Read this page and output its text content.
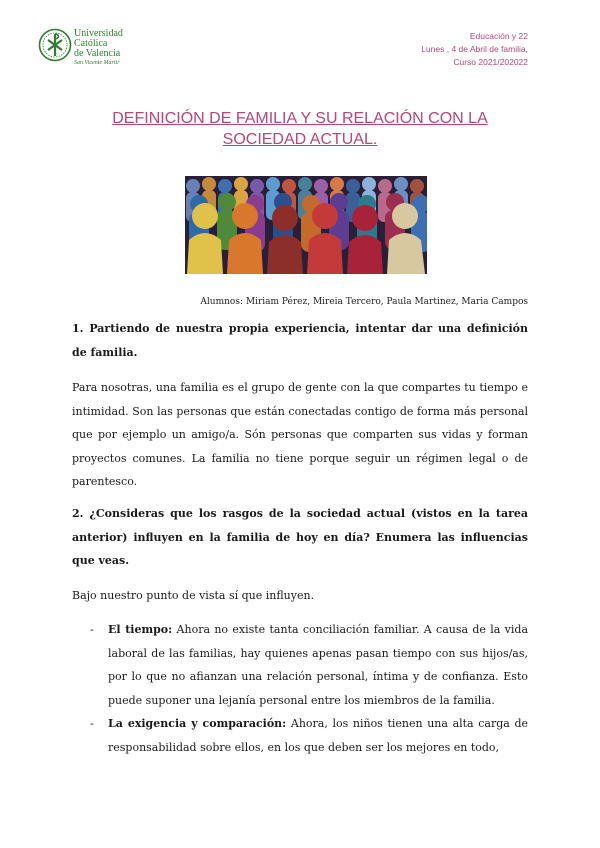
Universidad
Católica
de Valencia
San Vicente Mártir
Educación y 22
Lunes , 4 de Abril de familia,
Curso 2021/202022
DEFINICIÓN DE FAMILIA Y SU RELACIÓN CON LA SOCIEDAD ACTUAL.
Alumnos: Miriam Pérez, Mireia Tercero, Paula Martinez, Maria Campos
1. Partiendo de nuestra propia experiencia, intentar dar una definición de familia.
Para nosotras, una familia es el grupo de gente con la que compartes tu tiempo e intimidad. Son las personas que están conectadas contigo de forma más personal que por ejemplo un amigo/a. Són personas que comparten sus vidas y forman proyectos comunes. La familia no tiene porque seguir un régimen legal o de parentesco.
2. ¿Consideras que los rasgos de la sociedad actual (vistos en la tarea anterior) influyen en la familia de hoy en día? Enumera las influencias que veas.
Bajo nuestro punto de vista sí que influyen.
- El tiempo: Ahora no existe tanta conciliación familiar. A causa de la vida laboral de las familias, hay quienes apenas pasan tiempo con sus hijos/as, por lo que no afianzan una relación personal, íntima y de confianza. Esto puede suponer una lejanía personal entre los miembros de la familia.
- La exigencia y comparación: Ahora, los niños tienen una alta carga de responsabilidad sobre ellos, en los que deben ser los mejores en todo,
